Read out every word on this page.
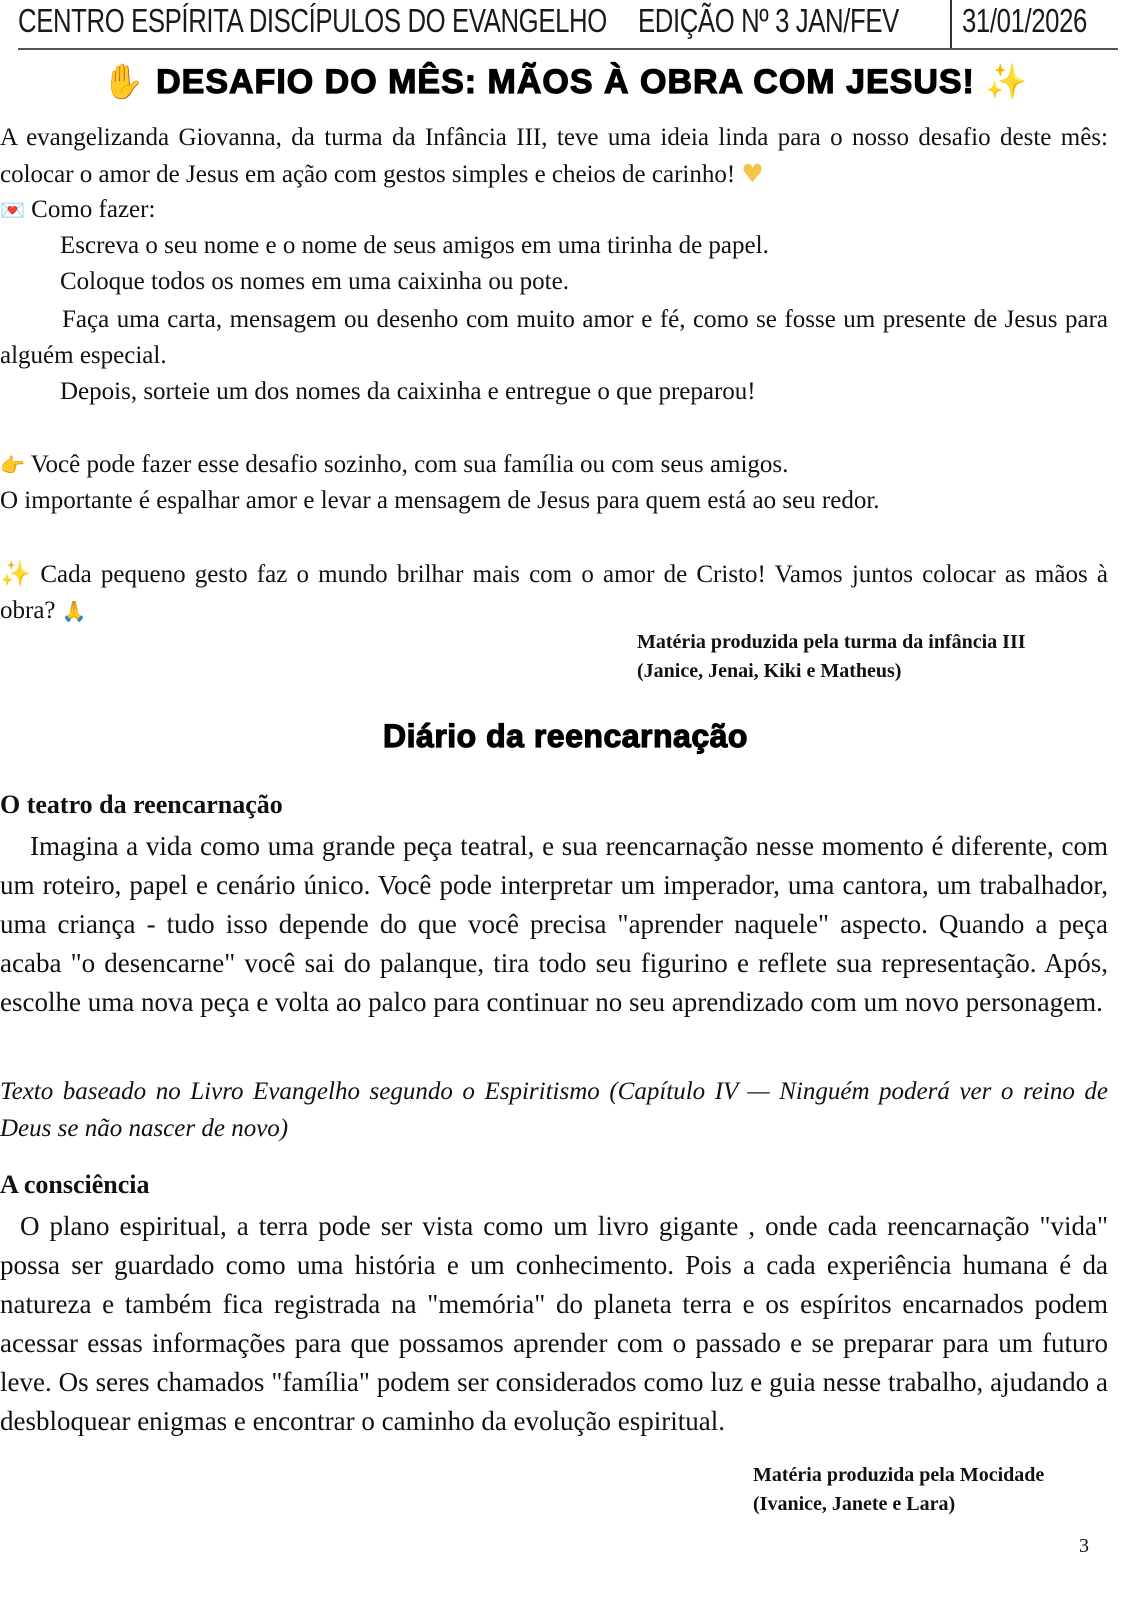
CENTRO ESPÍRITA DISCÍPULOS DO EVANGELHO EDIÇÃO Nº 3 JAN/FEV 31/01/2026
✋ DESAFIO DO MÊS: MÃOS À OBRA COM JESUS! ✨

A evangelizanda Giovanna, da turma da Infância III, teve uma ideia linda para o nosso desafio deste mês: colocar o amor de Jesus em ação com gestos simples e cheios de carinho! ♥

💌 Como fazer:

Escreva o seu nome e o nome de seus amigos em uma tirinha de papel.

Coloque todos os nomes em uma caixinha ou pote.

Faça uma carta, mensagem ou desenho com muito amor e fé, como se fosse um presente de Jesus para alguém especial.

Depois, sorteie um dos nomes da caixinha e entregue o que preparou!

👉 Você pode fazer esse desafio sozinho, com sua família ou com seus amigos.

O importante é espalhar amor e levar a mensagem de Jesus para quem está ao seu redor.

✨ Cada pequeno gesto faz o mundo brilhar mais com o amor de Cristo! Vamos juntos colocar as mãos à obra? 🙏

Matéria produzida pela turma da infância III
(Janice, Jenai, Kiki e Matheus)
Diário da reencarnação
O teatro da reencarnação

Imagina a vida como uma grande peça teatral, e sua reencarnação nesse momento é diferente, com um roteiro, papel e cenário único. Você pode interpretar um imperador, uma cantora, um trabalhador, uma criança - tudo isso depende do que você precisa "aprender naquele" aspecto. Quando a peça acaba "o desencarne" você sai do palanque, tira todo seu figurino e reflete sua representação. Após, escolhe uma nova peça e volta ao palco para continuar no seu aprendizado com um novo personagem.

Texto baseado no Livro Evangelho segundo o Espiritismo (Capítulo IV — Ninguém poderá ver o reino de Deus se não nascer de novo)

A consciência

O plano espiritual, a terra pode ser vista como um livro gigante , onde cada reencarnação "vida" possa ser guardado como uma história e um conhecimento. Pois a cada experiência humana é da natureza e também fica registrada na "memória" do planeta terra e os espíritos encarnados podem acessar essas informações para que possamos aprender com o passado e se preparar para um futuro leve. Os seres chamados "família" podem ser considerados como luz e guia nesse trabalho, ajudando a desbloquear enigmas e encontrar o caminho da evolução espiritual.

Matéria produzida pela Mocidade
(Ivanice, Janete e Lara)
3
